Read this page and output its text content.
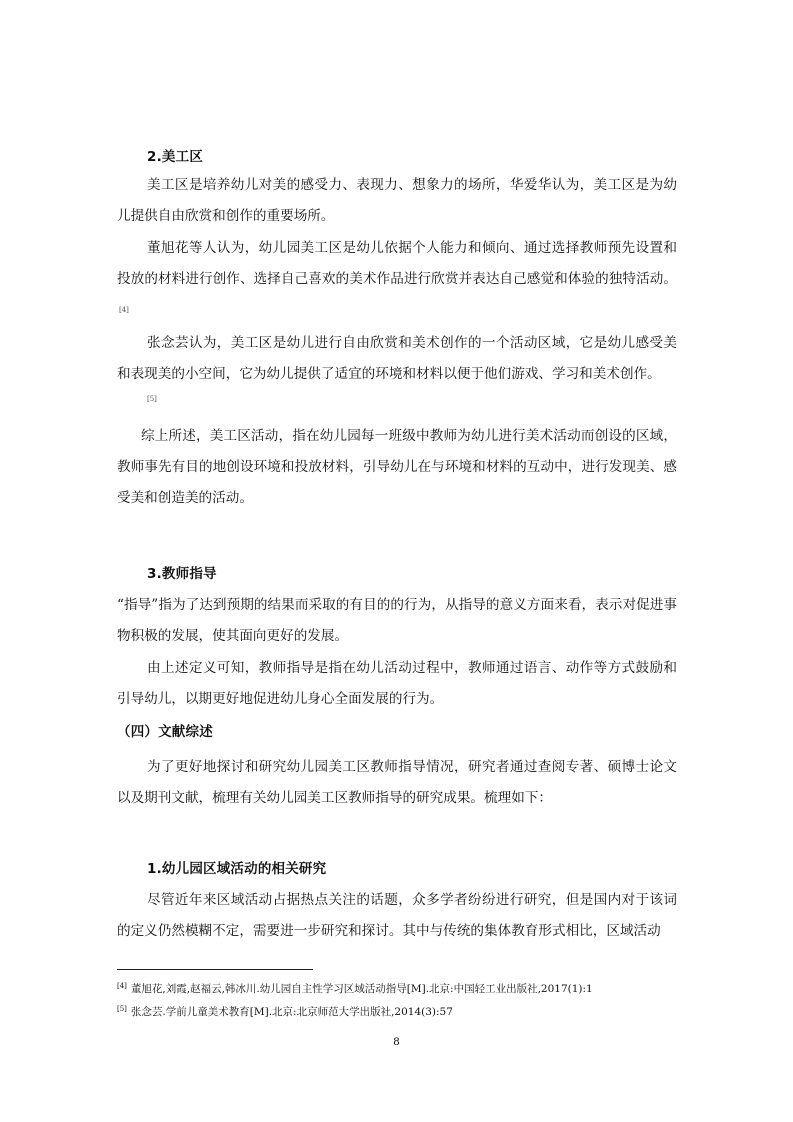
2.美工区
美工区是培养幼儿对美的感受力、表现力、想象力的场所，华爱华认为，美工区是为幼儿提供自由欣赏和创作的重要场所。
董旭花等人认为，幼儿园美工区是幼儿依据个人能力和倾向、通过选择教师预先设置和投放的材料进行创作、选择自己喜欢的美术作品进行欣赏并表达自己感觉和体验的独特活动。[4]
张念芸认为，美工区是幼儿进行自由欣赏和美术创作的一个活动区域，它是幼儿感受美和表现美的小空间，它为幼儿提供了适宜的环境和材料以便于他们游戏、学习和美术创作。
[5]
综上所述，美工区活动，指在幼儿园每一班级中教师为幼儿进行美术活动而创设的区域，教师事先有目的地创设环境和投放材料，引导幼儿在与环境和材料的互动中，进行发现美、感受美和创造美的活动。
3.教师指导
“指导”指为了达到预期的结果而采取的有目的的行为，从指导的意义方面来看，表示对促进事物积极的发展，使其面向更好的发展。
由上述定义可知，教师指导是指在幼儿活动过程中，教师通过语言、动作等方式鼓励和引导幼儿，以期更好地促进幼儿身心全面发展的行为。
（四）文献综述
为了更好地探讨和研究幼儿园美工区教师指导情况，研究者通过查阅专著、硕博士论文以及期刊文献，梳理有关幼儿园美工区教师指导的研究成果。梳理如下：
1.幼儿园区域活动的相关研究
尽管近年来区域活动占据热点关注的话题，众多学者纷纷进行研究，但是国内对于该词的定义仍然模糊不定，需要进一步研究和探讨。其中与传统的集体教育形式相比，区域活动
[4] 董旭花,刘霞,赵福云,韩冰川.幼儿园自主性学习区域活动指导[M].北京:中国轻工业出版社,2017(1):1
[5] 张念芸.学前儿童美术教育[M].北京:北京师范大学出版社,2014(3):57
8
